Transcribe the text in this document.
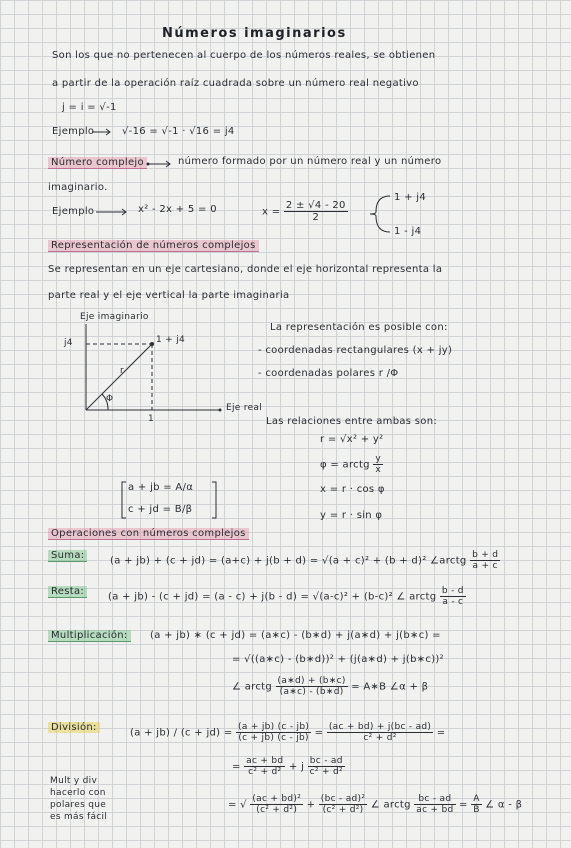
Números imaginarios
Son los que no pertenecen al cuerpo de los números reales, se obtienen
a partir de la operación raíz cuadrada sobre un número real negativo
j = i = √-1
Ejemplo	√-16 = √-1 · √16 = j4
Número complejo	número formado por un número real y un número
imaginario.
Ejemplo	x² - 2x + 5 = 0	$x = \frac{2 \pm √4 - 20}{2}$
1 + j4
1 - j4
Representación de números complejos
Se representan en un eje cartesiano, donde el eje horizontal representa la
parte real y el eje vertical la parte imaginaria
Eje imaginario
j4	1 + j4
r
Φ
1
Eje real
La representación es posible con:
- coordenadas rectangulares (x + jy)
- coordenadas polares r /Φ
Las relaciones entre ambas son:
r = √x² + y²
φ = arctg $\frac{y}{x}$
x = r · cos φ
y = r · sin φ
a + jb = A/α
c + jd = B/β
Operaciones con números complejos
Suma:	(a + jb) + (c + jd) = (a+c) + j(b + d) = √(a + c)² + (b + d)² ∠arctg $\frac{b + d}{a + c}$
Resta:	(a + jb) - (c + jd) = (a - c) + j(b - d) = √(a-c)² + (b-c)² ∠ arctg $\frac{b - d}{a - c}$
Multiplicación:	(a + jb) ∗ (c + jd) = (a∗c) - (b∗d) + j(a∗d) + j(b∗c) =
= √((a∗c) - (b∗d))² + (j(a∗d) + j(b∗c))²
∠ arctg $\frac{(a∗d) + (b∗c)}{(a∗c) - (b∗d)}$ = A∗B ∠α + β
División:	$(a + jb) / (c + jd) = \frac{(a + jb) (c - jb)}{(c + jb) (c - jb)} = \frac{(ac + bd) + j(bc - ad)}{\text{c² + d²}}$ =
= $\frac{ac + bd}{\text{c² + d²}} + j \frac{bc - ad}{\text{c² + d²}}$
= √ $\frac{\text{(ac + bd)²}}{\text{(c² + d²)}} + \frac{\text{(bc - ad)²}}{\text{(c² + d²)}}$ ∠ arctg $\frac{bc - ad}{ac + bd} = \frac{A}{B}$ ∠ α - β
Mult y div
hacerlo con
polares que
es más fácil
